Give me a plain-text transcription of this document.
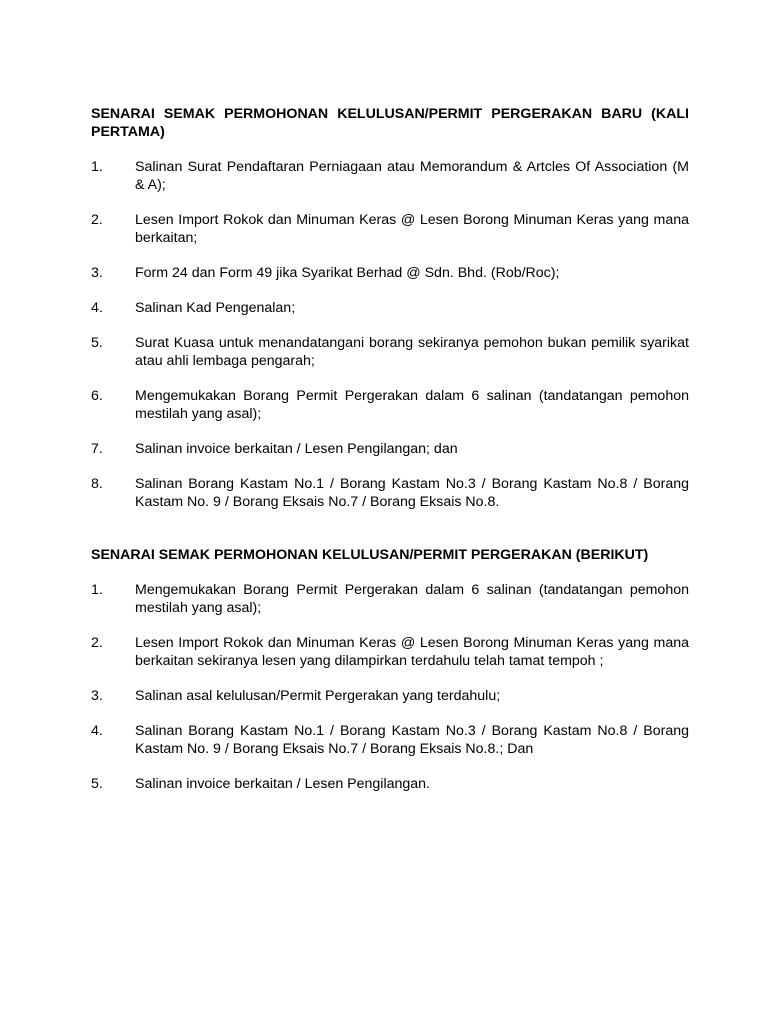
SENARAI SEMAK PERMOHONAN KELULUSAN/PERMIT PERGERAKAN BARU (KALI PERTAMA)
1.	Salinan Surat Pendaftaran Perniagaan atau Memorandum & Artcles Of Association (M & A);
2.	Lesen Import Rokok dan Minuman Keras @ Lesen Borong Minuman Keras yang mana berkaitan;
3.	Form 24 dan Form 49 jika Syarikat Berhad @ Sdn. Bhd. (Rob/Roc);
4.	Salinan Kad Pengenalan;
5.	Surat Kuasa untuk menandatangani borang sekiranya pemohon bukan pemilik syarikat atau ahli lembaga pengarah;
6.	Mengemukakan Borang Permit Pergerakan dalam 6 salinan (tandatangan pemohon mestilah yang asal);
7.	Salinan invoice berkaitan / Lesen Pengilangan; dan
8.	Salinan Borang Kastam No.1 / Borang Kastam No.3 / Borang Kastam No.8 / Borang Kastam No. 9 / Borang Eksais No.7 / Borang Eksais No.8.
SENARAI SEMAK PERMOHONAN KELULUSAN/PERMIT PERGERAKAN (BERIKUT)
1.	Mengemukakan Borang Permit Pergerakan dalam 6 salinan (tandatangan pemohon mestilah yang asal);
2.	Lesen Import Rokok dan Minuman Keras @ Lesen Borong Minuman Keras yang mana berkaitan sekiranya lesen yang dilampirkan terdahulu telah tamat tempoh ;
3.	Salinan asal kelulusan/Permit Pergerakan yang terdahulu;
4.	Salinan Borang Kastam No.1 / Borang Kastam No.3 / Borang Kastam No.8 / Borang Kastam No. 9 / Borang Eksais No.7 / Borang Eksais No.8.; Dan
5.	Salinan invoice berkaitan / Lesen Pengilangan.
